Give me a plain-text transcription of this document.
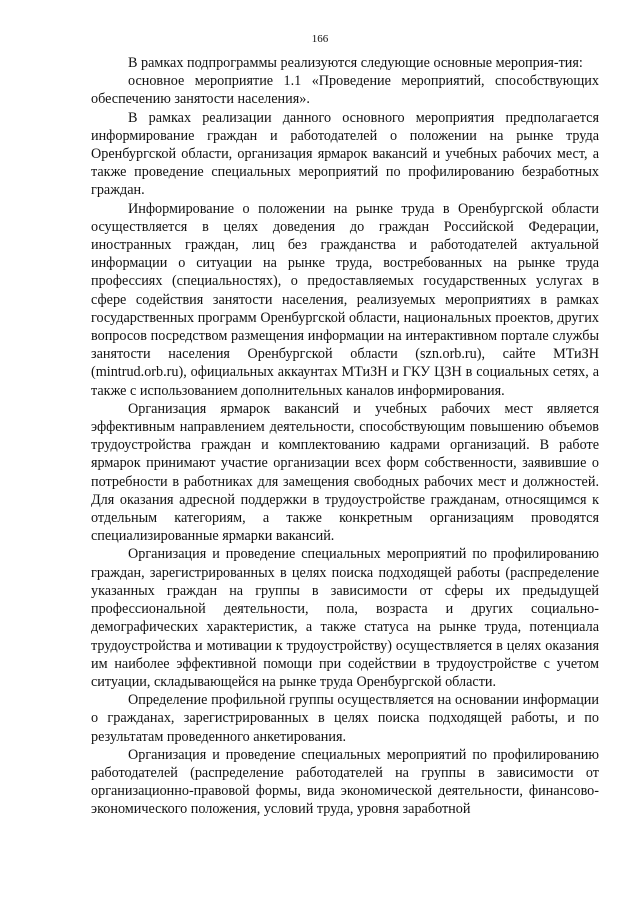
166

В рамках подпрограммы реализуются следующие основные мероприя-тия:

основное мероприятие 1.1 «Проведение мероприятий, способствующих обеспечению занятости населения».

В рамках реализации данного основного мероприятия предполагается информирование граждан и работодателей о положении на рынке труда Оренбургской области, организация ярмарок вакансий и учебных рабочих мест, а также проведение специальных мероприятий по профилированию безработных граждан.

Информирование о положении на рынке труда в Оренбургской области осуществляется в целях доведения до граждан Российской Федерации, иностранных граждан, лиц без гражданства и работодателей актуальной информации о ситуации на рынке труда, востребованных на рынке труда профессиях (специальностях), о предоставляемых государственных услугах в сфере содействия занятости населения, реализуемых мероприятиях в рамках государственных программ Оренбургской области, национальных проектов, других вопросов посредством размещения информации на интерактивном портале службы занятости населения Оренбургской области (szn.orb.ru), сайте МТиЗН (mintrud.orb.ru), официальных аккаунтах МТиЗН и ГКУ ЦЗН в социальных сетях, а также с использованием дополнительных каналов информирования.

Организация ярмарок вакансий и учебных рабочих мест является эффективным направлением деятельности, способствующим повышению объемов трудоустройства граждан и комплектованию кадрами организаций. В работе ярмарок принимают участие организации всех форм собственности, заявившие о потребности в работниках для замещения свободных рабочих мест и должностей. Для оказания адресной поддержки в трудоустройстве гражданам, относящимся к отдельным категориям, а также конкретным организациям проводятся специализированные ярмарки вакансий.

Организация и проведение специальных мероприятий по профилированию граждан, зарегистрированных в целях поиска подходящей работы (распределение указанных граждан на группы в зависимости от сферы их предыдущей профессиональной деятельности, пола, возраста и других социально-демографических характеристик, а также статуса на рынке труда, потенциала трудоустройства и мотивации к трудоустройству) осуществляется в целях оказания им наиболее эффективной помощи при содействии в трудоустройстве с учетом ситуации, складывающейся на рынке труда Оренбургской области.

Определение профильной группы осуществляется на основании информации о гражданах, зарегистрированных в целях поиска подходящей работы, и по результатам проведенного анкетирования.

Организация и проведение специальных мероприятий по профилированию работодателей (распределение работодателей на группы в зависимости от организационно-правовой формы, вида экономической деятельности, финансово-экономического положения, условий труда, уровня заработной
